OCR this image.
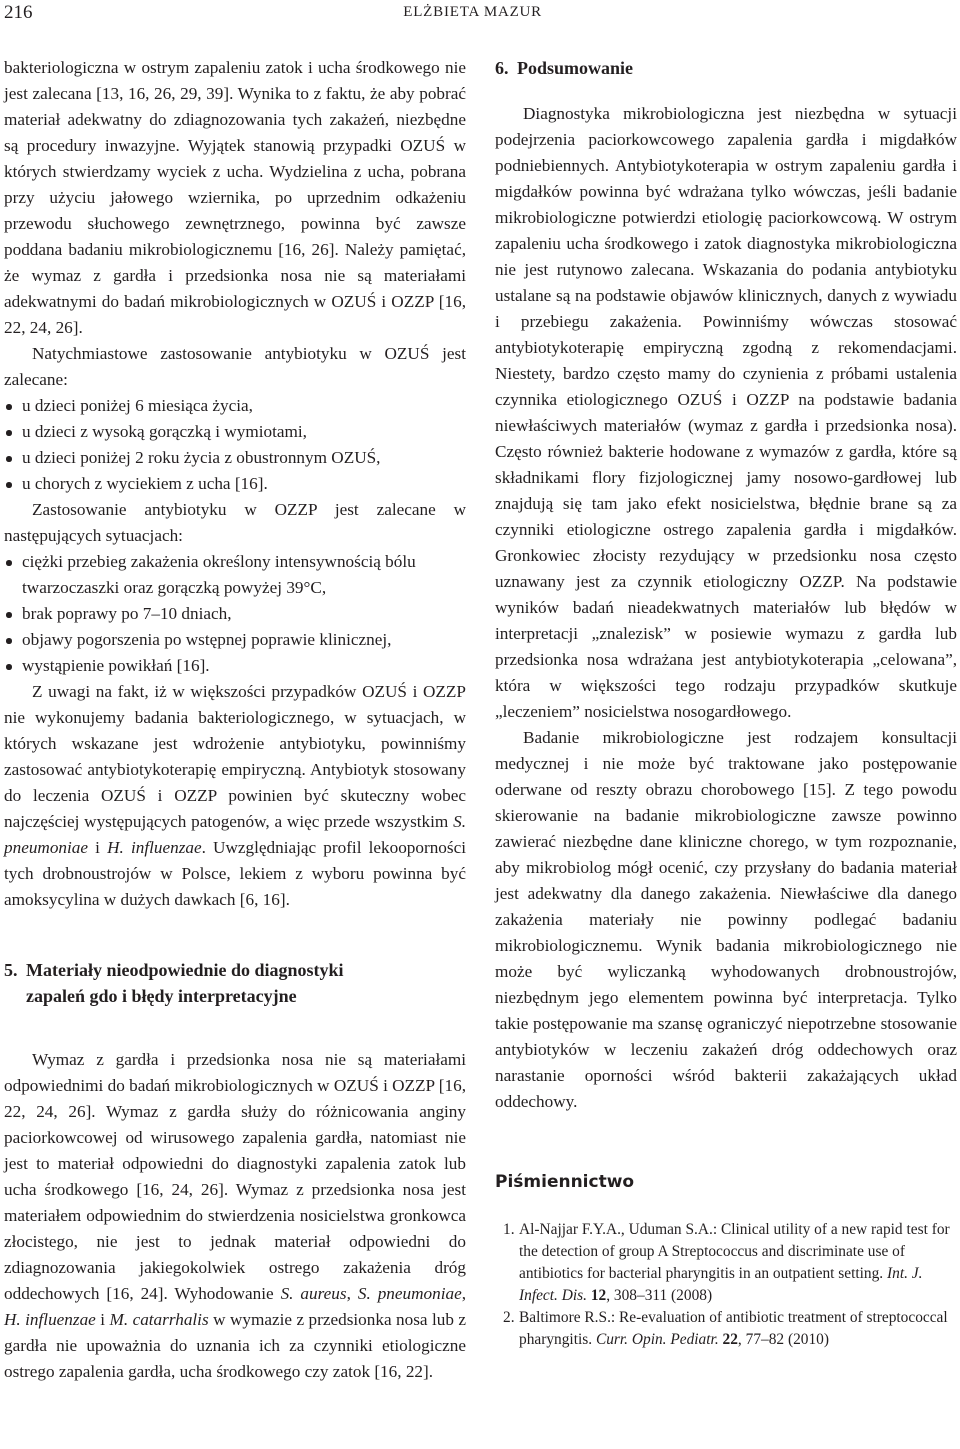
216	ELŻBIETA MAZUR

bakteriologiczna w ostrym zapaleniu zatok i ucha środkowego nie jest zalecana [13, 16, 26, 29, 39]. Wynika to z faktu, że aby pobrać materiał adekwatny do zdiagnozowania tych zakażeń, niezbędne są procedury inwazyjne. Wyjątek stanowią przypadki OZUŚ w których stwierdzamy wyciek z ucha. Wydzielina z ucha, pobrana przy użyciu jałowego wziernika, po uprzednim odkażeniu przewodu słuchowego zewnętrznego, powinna być zawsze poddana badaniu mikrobiologicznemu [16, 26]. Należy pamiętać, że wymaz z gardła i przedsionka nosa nie są materiałami adekwatnymi do badań mikrobiologicznych w OZUŚ i OZZP [16, 22, 24, 26].

Natychmiastowe zastosowanie antybiotyku w OZUŚ jest zalecane:

u dzieci poniżej 6 miesiąca życia,
u dzieci z wysoką gorączką i wymiotami,
u dzieci poniżej 2 roku życia z obustronnym OZUŚ,
u chorych z wyciekiem z ucha [16].

Zastosowanie antybiotyku w OZZP jest zalecane w następujących sytuacjach:

ciężki przebieg zakażenia określony intensywnością bólu twarzoczaszki oraz gorączką powyżej 39°C,
brak poprawy po 7–10 dniach,
objawy pogorszenia po wstępnej poprawie klinicznej,
wystąpienie powikłań [16].

Z uwagi na fakt, iż w większości przypadków OZUŚ i OZZP nie wykonujemy badania bakteriologicznego, w sytuacjach, w których wskazane jest wdrożenie antybiotyku, powinniśmy zastosować antybiotykoterapię empiryczną. Antybiotyk stosowany do leczenia OZUŚ i OZZP powinien być skuteczny wobec najczęściej występujących patogenów, a więc przede wszystkim S. pneumoniae i H. influenzae. Uwzględniając profil lekooporności tych drobnoustrojów w Polsce, lekiem z wyboru powinna być amoksycylina w dużych dawkach [6, 16].

5. Materiały nieodpowiednie do diagnostyki
zapaleń gdo i błędy interpretacyjne

Wymaz z gardła i przedsionka nosa nie są materiałami odpowiednimi do badań mikrobiologicznych w OZUŚ i OZZP [16, 22, 24, 26]. Wymaz z gardła służy do różnicowania anginy paciorkowcowej od wirusowego zapalenia gardła, natomiast nie jest to materiał odpowiedni do diagnostyki zapalenia zatok lub ucha środkowego [16, 24, 26]. Wymaz z przedsionka nosa jest materiałem odpowiednim do stwierdzenia nosicielstwa gronkowca złocistego, nie jest to jednak materiał odpowiedni do zdiagnozowania jakiegokolwiek ostrego zakażenia dróg oddechowych [16, 24]. Wyhodowanie S. aureus, S. pneumoniae, H. influenzae i M. catarrhalis w wymazie z przedsionka nosa lub z gardła nie upoważnia do uznania ich za czynniki etiologiczne ostrego zapalenia gardła, ucha środkowego czy zatok [16, 22].

6. Podsumowanie

Diagnostyka mikrobiologiczna jest niezbędna w sytuacji podejrzenia paciorkowcowego zapalenia gardła i migdałków podniebiennych. Antybiotykoterapia w ostrym zapaleniu gardła i migdałków powinna być wdrażana tylko wówczas, jeśli badanie mikrobiologiczne potwierdzi etiologię paciorkowcową. W ostrym zapaleniu ucha środkowego i zatok diagnostyka mikrobiologiczna nie jest rutynowo zalecana. Wskazania do podania antybiotyku ustalane są na podstawie objawów klinicznych, danych z wywiadu i przebiegu zakażenia. Powinniśmy wówczas stosować antybiotykoterapię empiryczną zgodną z rekomendacjami. Niestety, bardzo często mamy do czynienia z próbami ustalenia czynnika etiologicznego OZUŚ i OZZP na podstawie badania niewłaściwych materiałów (wymaz z gardła i przedsionka nosa). Często również bakterie hodowane z wymazów z gardła, które są składnikami flory fizjologicznej jamy nosowo-gardłowej lub znajdują się tam jako efekt nosicielstwa, błędnie brane są za czynniki etiologiczne ostrego zapalenia gardła i migdałków. Gronkowiec złocisty rezydujący w przedsionku nosa często uznawany jest za czynnik etiologiczny OZZP. Na podstawie wyników badań nieadekwatnych materiałów lub błędów w interpretacji „znalezisk” w posiewie wymazu z gardła lub przedsionka nosa wdrażana jest antybiotykoterapia „celowana”, która w większości tego rodzaju przypadków skutkuje „leczeniem” nosicielstwa nosogardłowego.

Badanie mikrobiologiczne jest rodzajem konsultacji medycznej i nie może być traktowane jako postępowanie oderwane od reszty obrazu chorobowego [15]. Z tego powodu skierowanie na badanie mikrobiologiczne zawsze powinno zawierać niezbędne dane kliniczne chorego, w tym rozpoznanie, aby mikrobiolog mógł ocenić, czy przysłany do badania materiał jest adekwatny dla danego zakażenia. Niewłaściwe dla danego zakażenia materiały nie powinny podlegać badaniu mikrobiologicznemu. Wynik badania mikrobiologicznego nie może być wyliczanką wyhodowanych drobnoustrojów, niezbędnym jego elementem powinna być interpretacja. Tylko takie postępowanie ma szansę ograniczyć niepotrzebne stosowanie antybiotyków w leczeniu zakażeń dróg oddechowych oraz narastanie oporności wśród bakterii zakażających układ oddechowy.

Piśmiennictwo
1. Al-Najjar F.Y.A., Uduman S.A.: Clinical utility of a new rapid test for the detection of group A Streptococcus and discriminate use of antibiotics for bacterial pharyngitis in an outpatient setting. Int. J. Infect. Dis. 12, 308–311 (2008)
2. Baltimore R.S.: Re-evaluation of antibiotic treatment of streptococcal pharyngitis. Curr. Opin. Pediatr. 22, 77–82 (2010)
